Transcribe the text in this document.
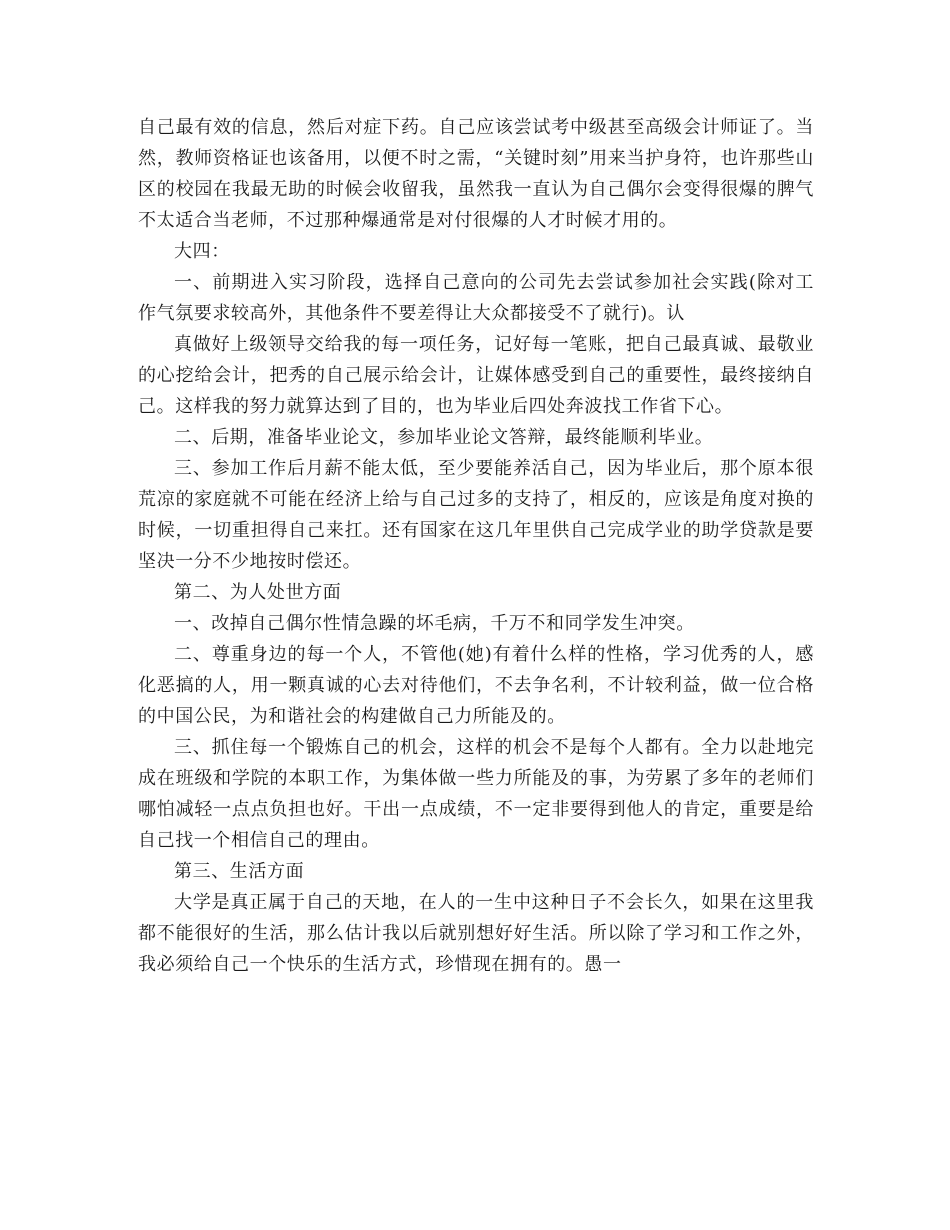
自己最有效的信息，然后对症下药。自己应该尝试考中级甚至高级会计师证了。当然，教师资格证也该备用，以便不时之需，“关键时刻”用来当护身符，也许那些山区的校园在我最无助的时候会收留我，虽然我一直认为自己偶尔会变得很爆的脾气不太适合当老师，不过那种爆通常是对付很爆的人才时候才用的。

大四：

一、前期进入实习阶段，选择自己意向的公司先去尝试参加社会实践(除对工作气氛要求较高外，其他条件不要差得让大众都接受不了就行)。认

真做好上级领导交给我的每一项任务，记好每一笔账，把自己最真诚、最敬业的心挖给会计，把秀的自己展示给会计，让媒体感受到自己的重要性，最终接纳自己。这样我的努力就算达到了目的，也为毕业后四处奔波找工作省下心。

二、后期，准备毕业论文，参加毕业论文答辩，最终能顺利毕业。

三、参加工作后月薪不能太低，至少要能养活自己，因为毕业后，那个原本很荒凉的家庭就不可能在经济上给与自己过多的支持了，相反的，应该是角度对换的时候，一切重担得自己来扛。还有国家在这几年里供自己完成学业的助学贷款是要坚决一分不少地按时偿还。

第二、为人处世方面

一、改掉自己偶尔性情急躁的坏毛病，千万不和同学发生冲突。

二、尊重身边的每一个人，不管他(她)有着什么样的性格，学习优秀的人，感化恶搞的人，用一颗真诚的心去对待他们，不去争名利，不计较利益，做一位合格的中国公民，为和谐社会的构建做自己力所能及的。

三、抓住每一个锻炼自己的机会，这样的机会不是每个人都有。全力以赴地完成在班级和学院的本职工作，为集体做一些力所能及的事，为劳累了多年的老师们哪怕减轻一点点负担也好。干出一点成绩，不一定非要得到他人的肯定，重要是给自己找一个相信自己的理由。

第三、生活方面

大学是真正属于自己的天地，在人的一生中这种日子不会长久，如果在这里我都不能很好的生活，那么估计我以后就别想好好生活。所以除了学习和工作之外，我必须给自己一个快乐的生活方式，珍惜现在拥有的。愚一
